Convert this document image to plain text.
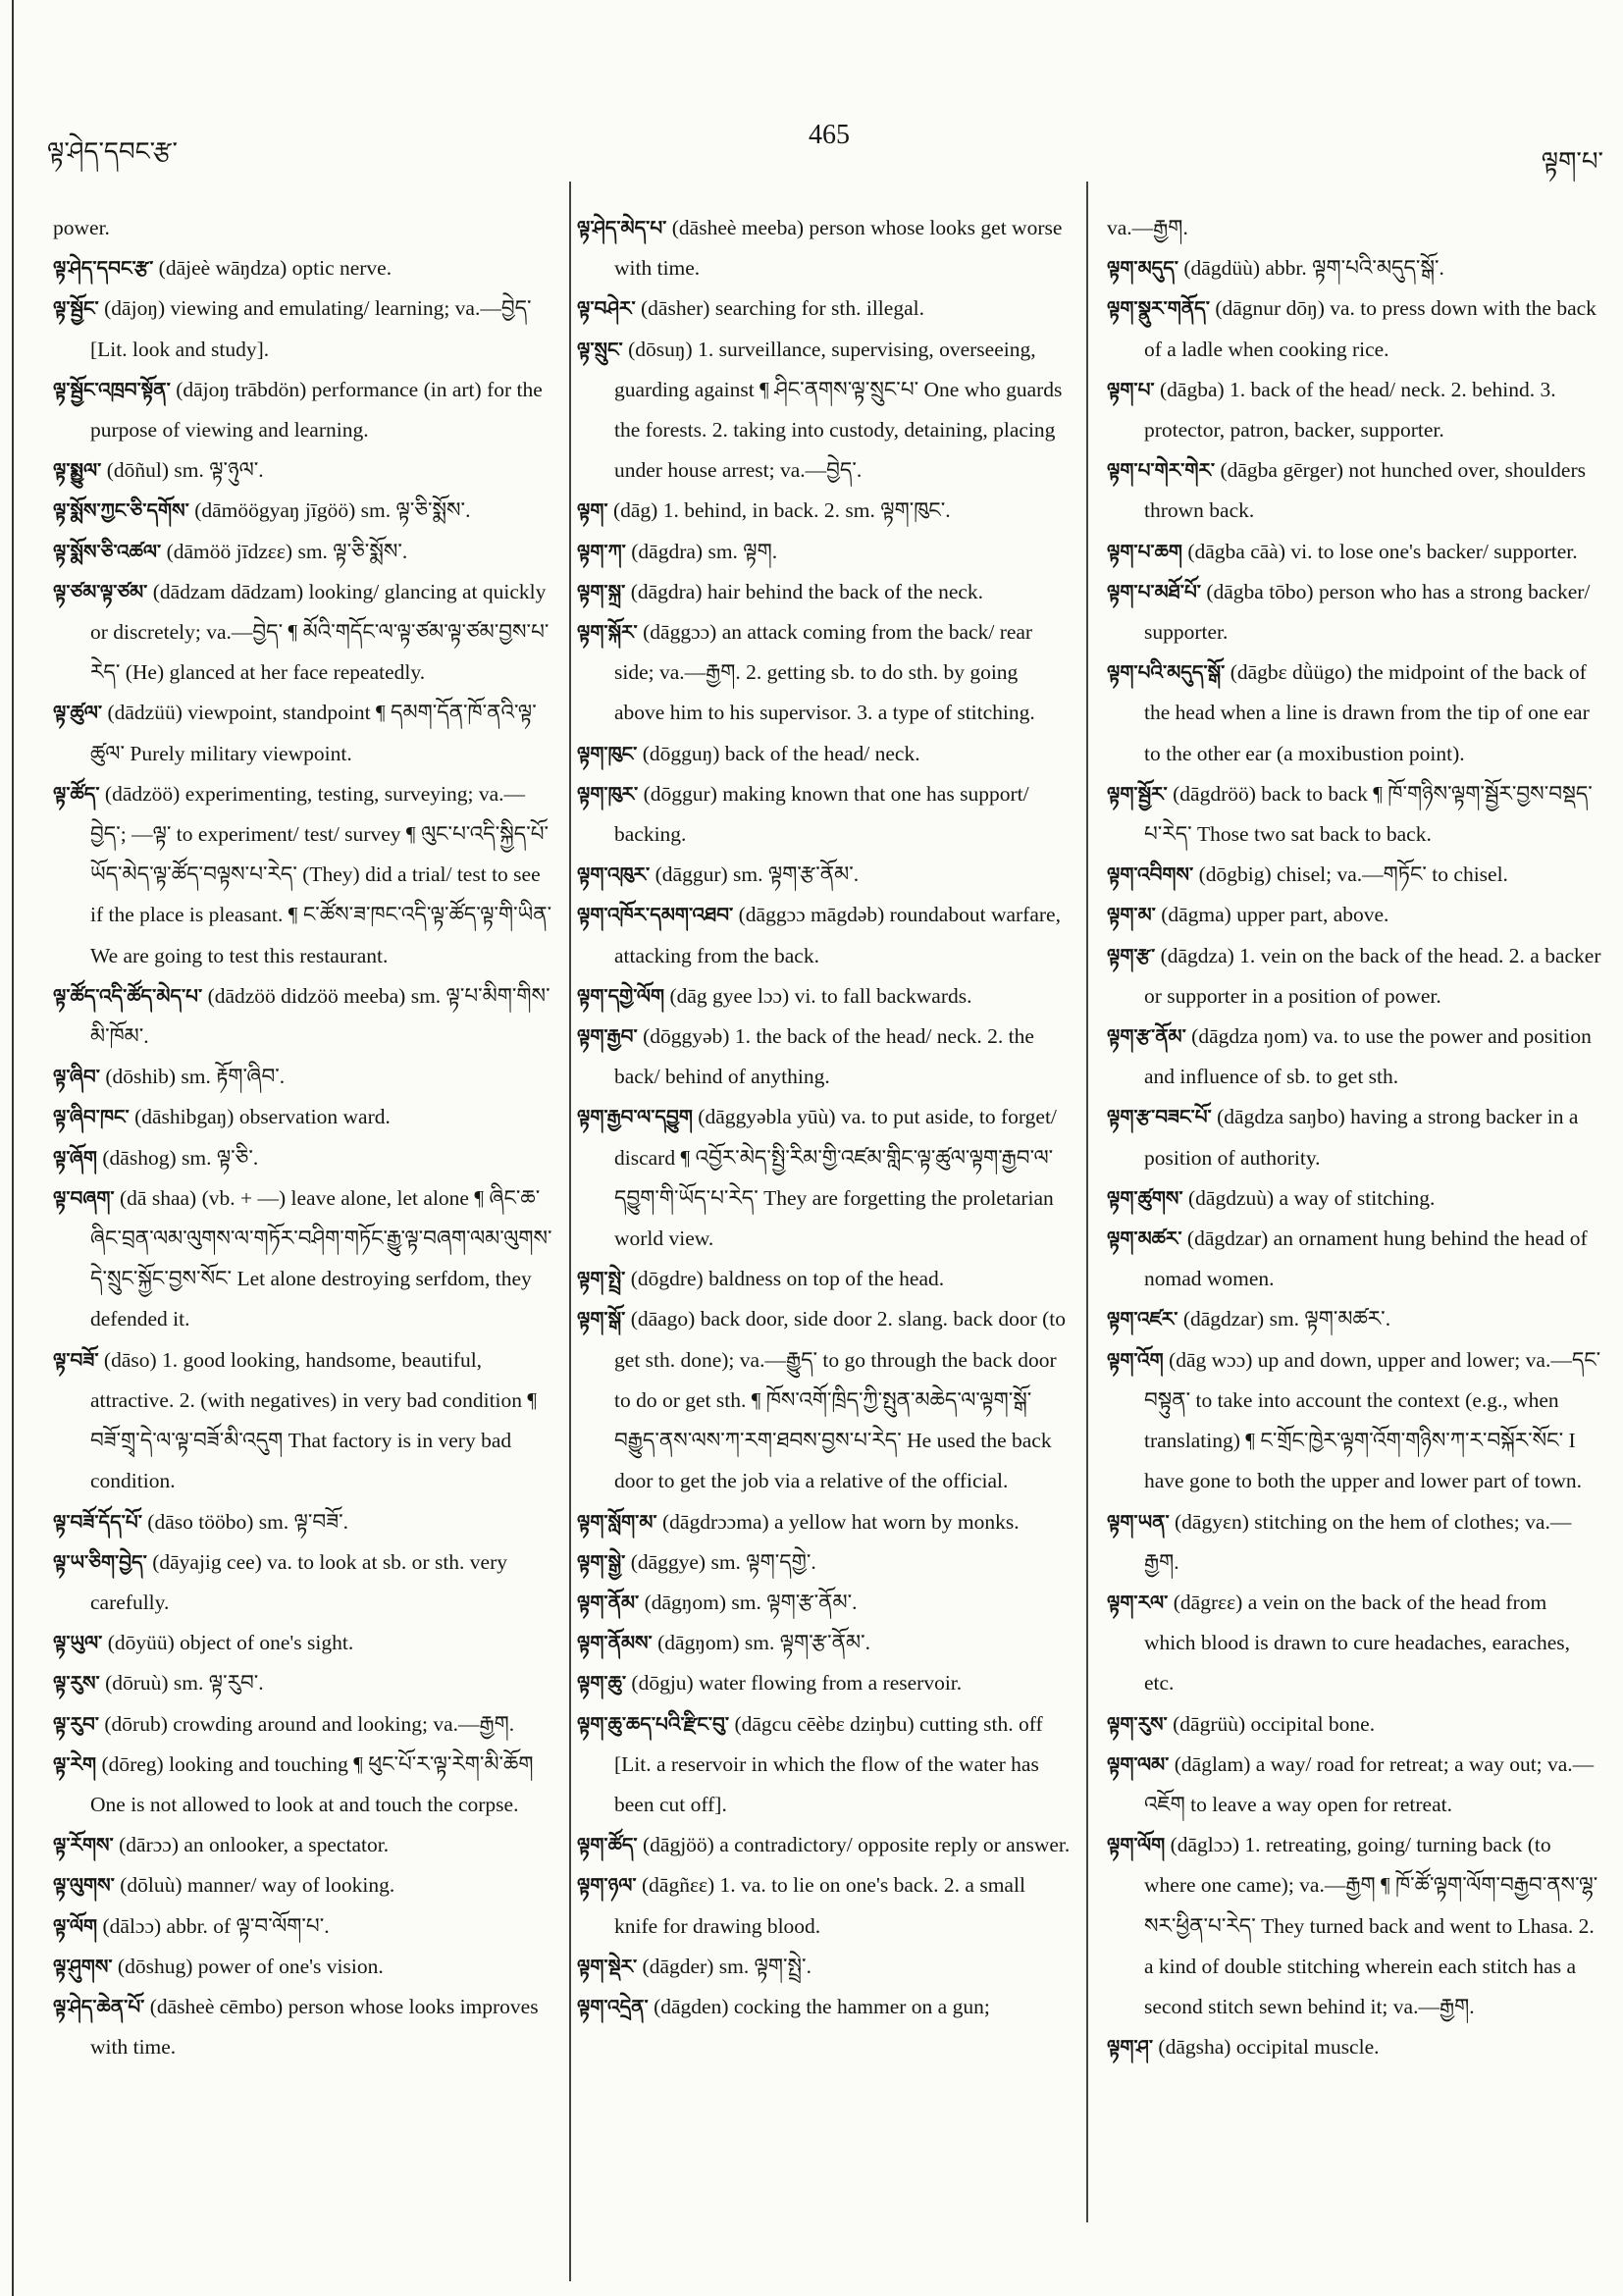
ལྟ་ཤེད་དབང་རྩ་
465
ལྟག་པ་

power.

ལྟ་ཤེད་དབང་རྩ་ (dājeè wāŋdza) optic nerve.

ལྟ་སྦྱོང་ (dājoŋ) viewing and emulating/ learning; va.—བྱེད་ [Lit. look and study].

ལྟ་སྦྱོང་འཁྲབ་སྟོན་ (dājoŋ trābdön) performance (in art) for the purpose of viewing and learning.

ལྟ་སྨྱུལ་ (dōñul) sm. ལྟ་ཉུལ་.

ལྟ་སྨོས་ཀྱང་ཅི་དགོས་ (dāmöögyaŋ jīgöö) sm. ལྟ་ཅི་སྨོས་.

ལྟ་སྨོས་ཅི་འཚལ་ (dāmöö jīdzɛɛ) sm. ལྟ་ཅི་སྨོས་.

ལྟ་ཙམ་ལྟ་ཙམ་ (dādzam dādzam) looking/ glancing at quickly or discretely; va.—བྱེད་ ¶ མོའི་གདོང་ལ་ལྟ་ཙམ་ལྟ་ཙམ་བྱས་པ་རེད་ (He) glanced at her face repeatedly.

ལྟ་ཚུལ་ (dādzüü) viewpoint, standpoint ¶ དམག་དོན་ཁོ་ནའི་ལྟ་ཚུལ་ Purely military viewpoint.

ལྟ་ཚོད་ (dādzöö) experimenting, testing, surveying; va.—བྱེད་; —ལྟ་ to experiment/ test/ survey ¶ ལུང་པ་འདི་སྐྱིད་པོ་ཡོད་མེད་ལྟ་ཚོད་བལྟས་པ་རེད་ (They) did a trial/ test to see if the place is pleasant. ¶ ང་ཚོས་ཟ་ཁང་འདི་ལྟ་ཚོད་ལྟ་གི་ཡིན་ We are going to test this restaurant.

ལྟ་ཚོད་འདི་ཚོད་མེད་པ་ (dādzöö didzöö meeba) sm. ལྟ་པ་མིག་གིས་མི་ཁོམ་.

ལྟ་ཞིབ་ (dōshib) sm. རྟོག་ཞིབ་.

ལྟ་ཞིབ་ཁང་ (dāshibgaŋ) observation ward.

ལྟ་ཞོག (dāshog) sm. ལྟ་ཅི་.

ལྟ་བཞག་ (dā shaa) (vb. + —) leave alone, let alone ¶ ཞིང་ཆ་ཞིང་བྲན་ལམ་ལུགས་ལ་གཏོར་བཤིག་གཏོང་རྒྱུ་ལྟ་བཞག་ལམ་ལུགས་དེ་སྲུང་སྐྱོང་བྱས་སོང་ Let alone destroying serfdom, they defended it.

ལྟ་བཟོ་ (dāso) 1. good looking, handsome, beautiful, attractive. 2. (with negatives) in very bad condition ¶ བཟོ་གྲྭ་དེ་ལ་ལྟ་བཟོ་མི་འདུག That factory is in very bad condition.

ལྟ་བཟོ་དོད་པོ་ (dāso tööbo) sm. ལྟ་བཟོ་.

ལྟ་ཡ་ཅིག་བྱེད་ (dāyajig cee) va. to look at sb. or sth. very carefully.

ལྟ་ཡུལ་ (dōyüü) object of one's sight.

ལྟ་རུས་ (dōruù) sm. ལྟ་རུབ་.

ལྟ་རུབ་ (dōrub) crowding around and looking; va.—རྒྱག.

ལྟ་རེག (dōreg) looking and touching ¶ ཕུང་པོ་ར་ལྟ་རེག་མི་ཆོག One is not allowed to look at and touch the corpse.

ལྟ་རོགས་ (dārɔɔ) an onlooker, a spectator.

ལྟ་ལུགས་ (dōluù) manner/ way of looking.

ལྟ་ལོག (dālɔɔ) abbr. of ལྟ་བ་ལོག་པ་.

ལྟ་ཤུགས་ (dōshug) power of one's vision.

ལྟ་ཤེད་ཆེན་པོ་ (dāsheè cēmbo) person whose looks improves with time.

ལྟ་ཤེད་མེད་པ་ (dāsheè meeba) person whose looks get worse with time.

ལྟ་བཤེར་ (dāsher) searching for sth. illegal.

ལྟ་སྲུང་ (dōsuŋ) 1. surveillance, supervising, overseeing, guarding against ¶ ཤིང་ནགས་ལྟ་སྲུང་པ་ One who guards the forests. 2. taking into custody, detaining, placing under house arrest; va.—བྱེད་.

ལྟག་ (dāg) 1. behind, in back. 2. sm. ལྟག་ཁུང་.

ལྟག་ཀ་ (dāgdra) sm. ལྟག.

ལྟག་སྐྲ་ (dāgdra) hair behind the back of the neck.

ལྟག་སྐོར་ (dāggɔɔ) an attack coming from the back/ rear side; va.—རྒྱག. 2. getting sb. to do sth. by going above him to his supervisor. 3. a type of stitching.

ལྟག་ཁུང་ (dōgguŋ) back of the head/ neck.

ལྟག་ཁུར་ (dōggur) making known that one has support/ backing.

ལྟག་འཁུར་ (dāggur) sm. ལྟག་རྩ་ནོམ་.

ལྟག་འཁོར་དམག་འཐབ་ (dāggɔɔ māgdəb) roundabout warfare, attacking from the back.

ལྟག་དགྱེ་ལོག (dāg gyee lɔɔ) vi. to fall backwards.

ལྟག་རྒྱབ་ (dōggyəb) 1. the back of the head/ neck. 2. the back/ behind of anything.

ལྟག་རྒྱབ་ལ་དབྱུག (dāggyəbla yūù) va. to put aside, to forget/ discard ¶ འབྱོར་མེད་སྤྱི་རིམ་གྱི་འཛམ་གླིང་ལྟ་ཚུལ་ལྟག་རྒྱབ་ལ་དབྱུག་གི་ཡོད་པ་རེད་ They are forgetting the proletarian world view.

ལྟག་སྤྲེ་ (dōgdre) baldness on top of the head.

ལྟག་སྒོ་ (dāago) back door, side door 2. slang. back door (to get sth. done); va.—རྒྱུད་ to go through the back door to do or get sth. ¶ ཁོས་འགོ་ཁྲིད་ཀྱི་སྤུན་མཆེད་ལ་ལྟག་སྒོ་བརྒྱུད་ནས་ལས་ཀ་རག་ཐབས་བྱས་པ་རེད་ He used the back door to get the job via a relative of the official.

ལྟག་སློག་མ་ (dāgdrɔɔma) a yellow hat worn by monks.

ལྟག་སྒྱེ་ (dāggye) sm. ལྟག་དགྱེ་.

ལྟག་ནོམ་ (dāgŋom) sm. ལྟག་རྩ་ནོམ་.

ལྟག་ནོམས་ (dāgŋom) sm. ལྟག་རྩ་ནོམ་.

ལྟག་ཆུ་ (dōgju) water flowing from a reservoir.

ལྟག་ཆུ་ཆད་པའི་རྫིང་བུ་ (dāgcu cēèbɛ dziŋbu) cutting sth. off [Lit. a reservoir in which the flow of the water has been cut off].

ལྟག་ཚོད་ (dāgjöö) a contradictory/ opposite reply or answer.

ལྟག་ཉལ་ (dāgñɛɛ) 1. va. to lie on one's back. 2. a small knife for drawing blood.

ལྟག་སྡེར་ (dāgder) sm. ལྟག་སྤྲེ་.

ལྟག་འདྲེན་ (dāgden) cocking the hammer on a gun;

va.—རྒྱག.

ལྟག་མདུད་ (dāgdüù) abbr. ལྟག་པའི་མདུད་སྒོ་.

ལྟག་སྣུར་གནོད་ (dāgnur dōŋ) va. to press down with the back of a ladle when cooking rice.

ལྟག་པ་ (dāgba) 1. back of the head/ neck. 2. behind. 3. protector, patron, backer, supporter.

ལྟག་པ་གེར་གེར་ (dāgba gērger) not hunched over, shoulders thrown back.

ལྟག་པ་ཆག (dāgba cāà) vi. to lose one's backer/ supporter.

ལྟག་པ་མཐོ་པོ་ (dāgba tōbo) person who has a strong backer/ supporter.

ལྟག་པའི་མདུད་སྒོ་ (dāgbɛ dǜügo) the midpoint of the back of the head when a line is drawn from the tip of one ear to the other ear (a moxibustion point).

ལྟག་སྦྱོར་ (dāgdröö) back to back ¶ ཁོ་གཉིས་ལྟག་སྦྱོར་བྱས་བསྡད་པ་རེད་ Those two sat back to back.

ལྟག་འབིགས་ (dōgbig) chisel; va.—གཏོང་ to chisel.

ལྟག་མ་ (dāgma) upper part, above.

ལྟག་རྩ་ (dāgdza) 1. vein on the back of the head. 2. a backer or supporter in a position of power.

ལྟག་རྩ་ནོམ་ (dāgdza ŋom) va. to use the power and position and influence of sb. to get sth.

ལྟག་རྩ་བཟང་པོ་ (dāgdza saŋbo) having a strong backer in a position of authority.

ལྟག་ཚུགས་ (dāgdzuù) a way of stitching.

ལྟག་མཚར་ (dāgdzar) an ornament hung behind the head of nomad women.

ལྟག་འཛར་ (dāgdzar) sm. ལྟག་མཚར་.

ལྟག་འོག (dāg wɔɔ) up and down, upper and lower; va.—དང་བསྟུན་ to take into account the context (e.g., when translating) ¶ ང་གྲོང་ཁྱེར་ལྟག་འོག་གཉིས་ཀ་ར་བསྐོར་སོང་ I have gone to both the upper and lower part of town.

ལྟག་ཡན་ (dāgyɛn) stitching on the hem of clothes; va.—རྒྱག.

ལྟག་རལ་ (dāgrɛɛ) a vein on the back of the head from which blood is drawn to cure headaches, earaches, etc.

ལྟག་རུས་ (dāgrüù) occipital bone.

ལྟག་ལམ་ (dāglam) a way/ road for retreat; a way out; va.—འཇོག to leave a way open for retreat.

ལྟག་ལོག (dāglɔɔ) 1. retreating, going/ turning back (to where one came); va.—རྒྱག ¶ ཁོ་ཚོ་ལྟག་ལོག་བརྒྱབ་ནས་ལྷ་སར་ཕྱིན་པ་རེད་ They turned back and went to Lhasa. 2. a kind of double stitching wherein each stitch has a second stitch sewn behind it; va.—རྒྱག.

ལྟག་ཤ་ (dāgsha) occipital muscle.
